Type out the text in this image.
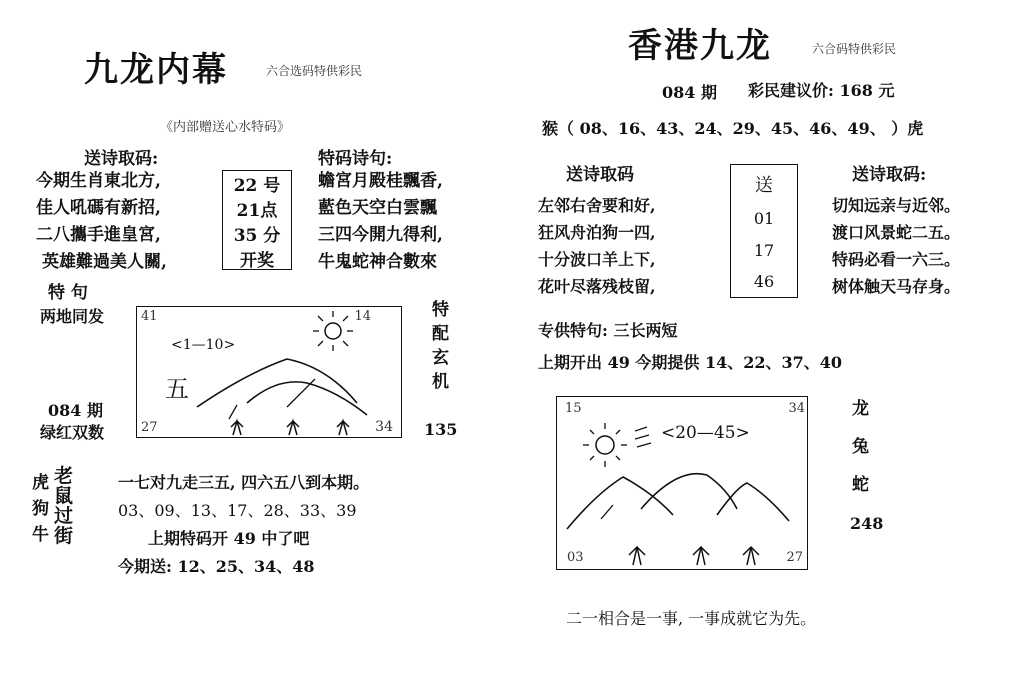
九龙内幕	六合选码特供彩民
《内部赠送心水特码》
送诗取码:
今期生肖東北方,
佳人吼碼有新招,
二八攜手進皇宮,
英雄難過美人關,
22 号
21点
35 分
开奖
特码诗句:
蟾宮月殿桂飄香,
藍色天空白雲飄
三四今開九得利,
牛鬼蛇神合數來
特 句
两地同发	41	14
27	34
<1—10>
五
特
配
玄
机
135
084 期
绿红双数
虎
狗
牛
老
鼠
过
街
一七对九走三五, 四六五八到本期。
03、09、13、17、28、33、39
上期特码开 49 中了吧
今期送: 12、25、34、48
香港九龙	六合码特供彩民
084 期 彩民建议价: 168 元
猴（ 08、16、43、24、29、45、46、49、 ）虎
送诗取码
左邻右舍要和好,
狂风舟泊狗一四,
十分波口羊上下,
花叶尽落残枝留,
送
01
17
46
送诗取码:
切知远亲与近邻。
渡口风景蛇二五。
特码必看一六三。
树体触天马存身。
专供特句: 三长两短
上期开出 49 今期提供 14、22、37、40
15	34
03	27
<20—45>
龙
兔
蛇
248
二一相合是一事, 一事成就它为先。
